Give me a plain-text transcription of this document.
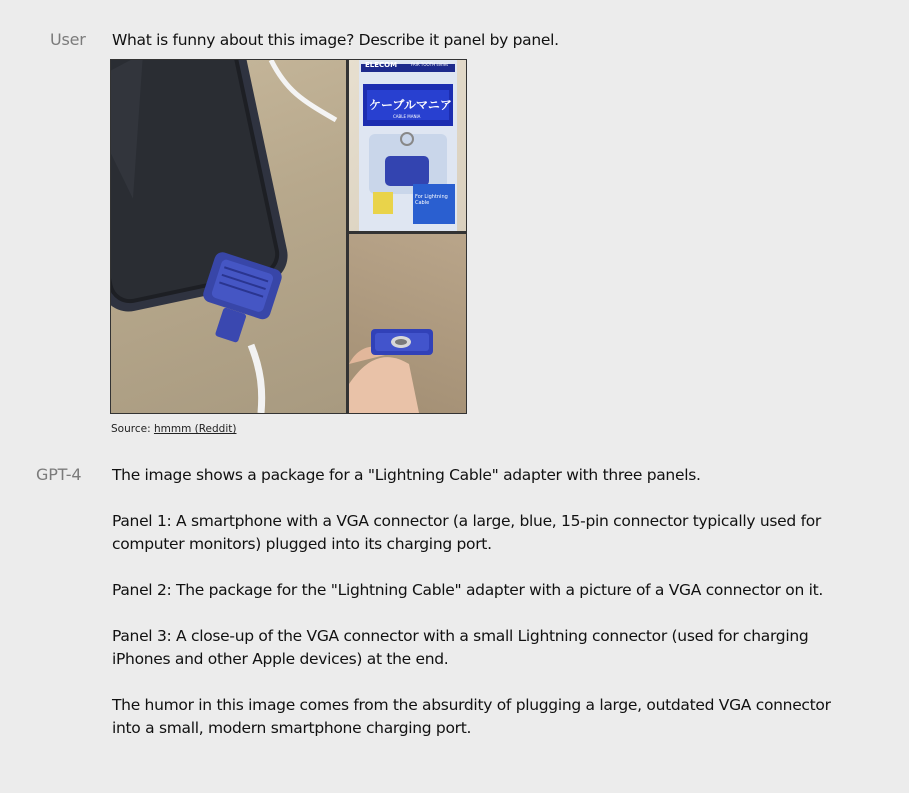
User What is funny about this image? Describe it panel by panel.
ELECOM	FAIR TOOTH series
ケーブルマニア
CABLE MANIA
For Lightning Cable
Source: hmmm (Reddit)
GPT-4 The image shows a package for a "Lightning Cable" adapter with three panels.

Panel 1: A smartphone with a VGA connector (a large, blue, 15-pin connector typically used for computer monitors) plugged into its charging port.

Panel 2: The package for the "Lightning Cable" adapter with a picture of a VGA connector on it.

Panel 3: A close-up of the VGA connector with a small Lightning connector (used for charging iPhones and other Apple devices) at the end.

The humor in this image comes from the absurdity of plugging a large, outdated VGA connector into a small, modern smartphone charging port.
